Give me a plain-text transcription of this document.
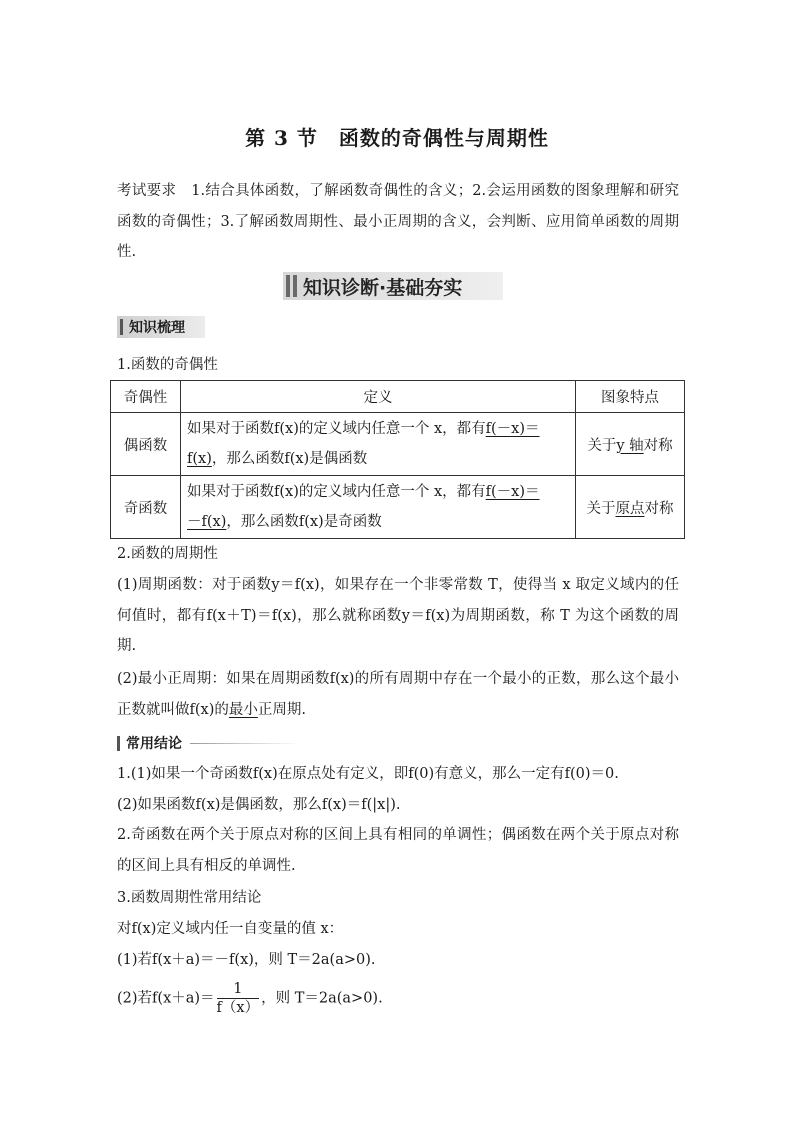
第 3 节　函数的奇偶性与周期性

考试要求　 1.结合具体函数，了解函数奇偶性的含义；2.会运用函数的图象理解和研究函数的奇偶性；3.了解函数周期性、最小正周期的含义，会判断、应用简单函数的周期性.

知识诊断·基础夯实
知识梳理
1.函数的奇偶性
奇偶性	定义	图象特点
偶函数	如果对于函数f(x)的定义域内任意一个 x，都有f(－x)＝
f(x)，那么函数f(x)是偶函数	关于y 轴对称
奇函数	如果对于函数f(x)的定义域内任意一个 x，都有f(－x)＝
－f(x)，那么函数f(x)是奇函数	关于原点对称
2.函数的周期性

(1)周期函数：对于函数y＝f(x)，如果存在一个非零常数 T，使得当 x 取定义域内的任何值时，都有f(x＋T)＝f(x)，那么就称函数y＝f(x)为周期函数，称 T 为这个函数的周期.

(2)最小正周期：如果在周期函数f(x)的所有周期中存在一个最小的正数，那么这个最小正数就叫做f(x)的最小正周期.

常用结论
1.(1)如果一个奇函数f(x)在原点处有定义，即f(0)有意义，那么一定有f(0)＝0.
(2)如果函数f(x)是偶函数，那么f(x)＝f(|x|).

2.奇函数在两个关于原点对称的区间上具有相同的单调性；偶函数在两个关于原点对称的区间上具有相反的单调性.

3.函数周期性常用结论
对f(x)定义域内任一自变量的值 x：
(1)若f(x＋a)＝－f(x)，则 T＝2a(a>0).
(2)若$f(x+a)= \frac{1}{f(x)}$ ，则 T＝2a(a>0).
